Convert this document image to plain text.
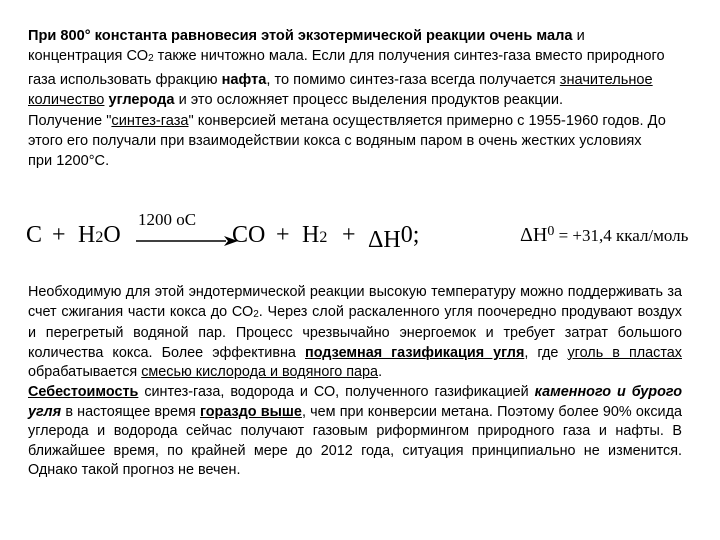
При 800° константа равновесия этой экзотермической реакции очень мала и концентрация СО2 также ничтожно мала. Если для получения синтез-газа вместо природного газа использовать фракцию нафта, то помимо синтез-газа всегда получается значительное количество углерода и это осложняет процесс выделения продуктов реакции.
Получение "синтез-газа" конверсией метана осуществляется примерно с 1955-1960 годов. До этого его получали при взаимодействии кокса с водяным паром в очень жестких условиях при 1200°С.
C + H2O
1200 оС
CO + H2 + ΔH0;	$\Delta H^0 = +31,4$ ккал/моль
Необходимую для этой эндотермической реакции высокую температуру можно поддерживать за счет сжигания части кокса до СО2. Через слой раскаленного угля поочередно продувают воздух и перегретый водяной пар. Процесс чрезвычайно энергоемок и требует затрат большого количества кокса. Более эффективна подземная газификация угля, где уголь в пластах обрабатывается смесью кислорода и водяного пара.
Себестоимость синтез-газа, водорода и СО, полученного газификацией каменного и бурого угля в настоящее время гораздо выше, чем при конверсии метана. Поэтому более 90% оксида углерода и водорода сейчас получают газовым риформингом природного газа и нафты. В ближайшее время, по крайней мере до 2012 года, ситуация принципиально не изменится. Однако такой прогноз не вечен.
